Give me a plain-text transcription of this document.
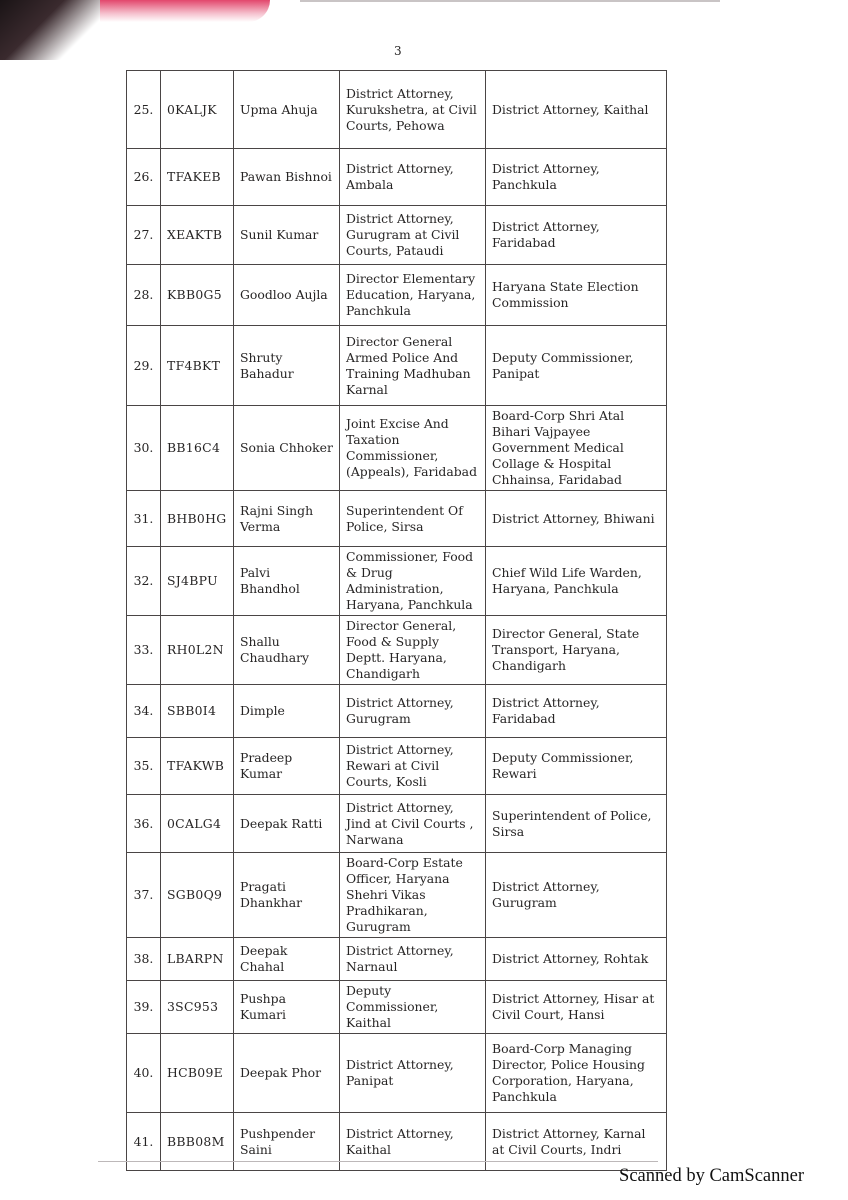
3
25.	0KALJK	Upma Ahuja	District Attorney, Kurukshetra, at Civil Courts, Pehowa	District Attorney, Kaithal
26.	TFAKEB	Pawan Bishnoi	District Attorney, Ambala	District Attorney, Panchkula
27.	XEAKTB	Sunil Kumar	District Attorney, Gurugram at Civil Courts, Pataudi	District Attorney, Faridabad
28.	KBB0G5	Goodloo Aujla	Director Elementary Education, Haryana, Panchkula	Haryana State Election Commission
29.	TF4BKT	Shruty Bahadur	Director General Armed Police And Training Madhuban Karnal	Deputy Commissioner, Panipat
30.	BB16C4	Sonia Chhoker	Joint Excise And Taxation Commissioner, (Appeals), Faridabad	Board-Corp Shri Atal Bihari Vajpayee Government Medical Collage & Hospital Chhainsa, Faridabad
31.	BHB0HG	Rajni Singh Verma	Superintendent Of Police, Sirsa	District Attorney, Bhiwani
32.	SJ4BPU	Palvi Bhandhol	Commissioner, Food & Drug Administration, Haryana, Panchkula	Chief Wild Life Warden, Haryana, Panchkula
33.	RH0L2N	Shallu Chaudhary	Director General, Food & Supply Deptt. Haryana, Chandigarh	Director General, State Transport, Haryana, Chandigarh
34.	SBB0I4	Dimple	District Attorney, Gurugram	District Attorney, Faridabad
35.	TFAKWB	Pradeep Kumar	District Attorney, Rewari at Civil Courts, Kosli	Deputy Commissioner, Rewari
36.	0CALG4	Deepak Ratti	District Attorney, Jind at Civil Courts , Narwana	Superintendent of Police, Sirsa
37.	SGB0Q9	Pragati Dhankhar	Board-Corp Estate Officer, Haryana Shehri Vikas Pradhikaran, Gurugram	District Attorney, Gurugram
38.	LBARPN	Deepak Chahal	District Attorney, Narnaul	District Attorney, Rohtak
39.	3SC953	Pushpa Kumari	Deputy Commissioner, Kaithal	District Attorney, Hisar at Civil Court, Hansi
40.	HCB09E	Deepak Phor	District Attorney, Panipat	Board-Corp Managing Director, Police Housing Corporation, Haryana, Panchkula
41.	BBB08M	Pushpender Saini	District Attorney, Kaithal	District Attorney, Karnal at Civil Courts, Indri
Scanned by CamScanner
